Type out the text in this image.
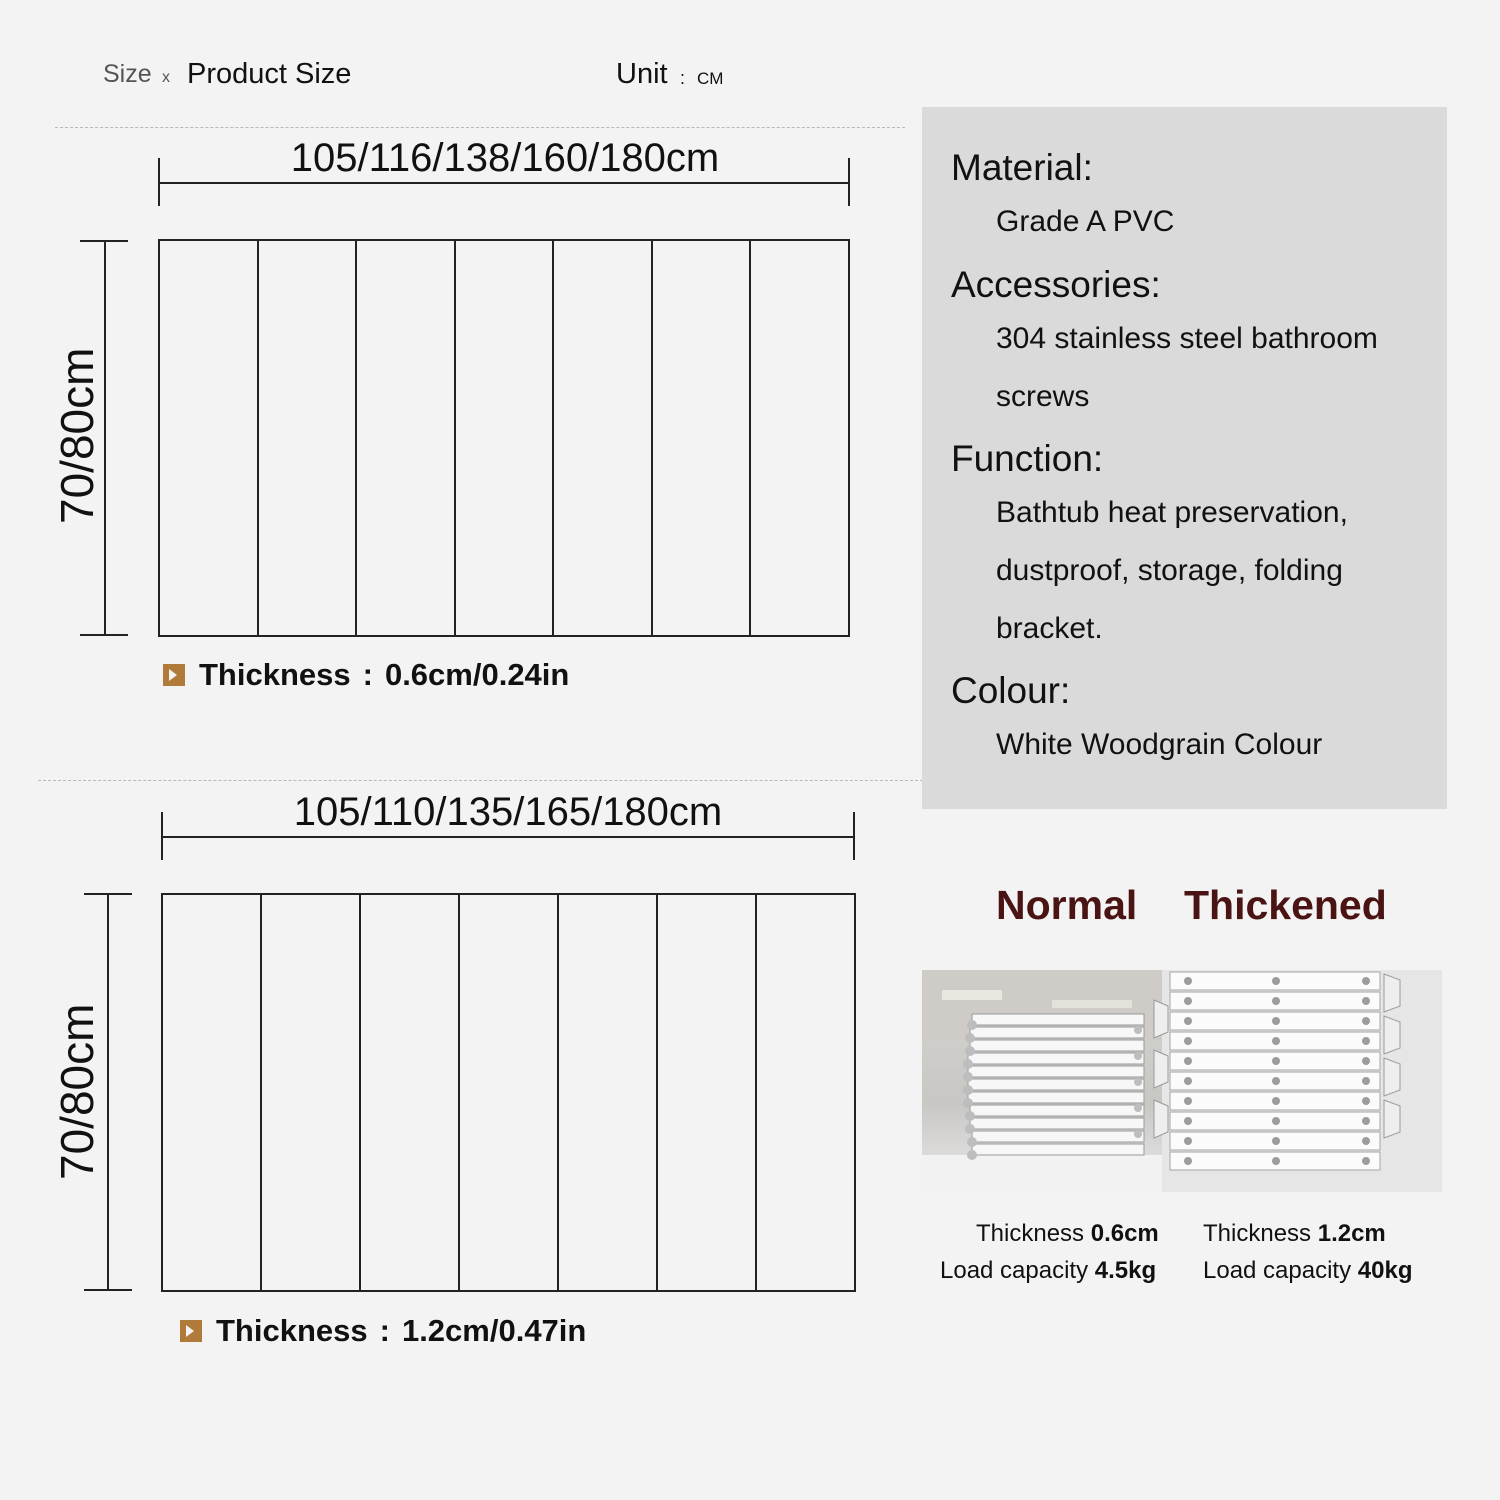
Size x Product Size	Unit : CM
105/116/138/160/180cm
70/80cm
Thickness : 0.6cm/0.24in
105/110/135/165/180cm
70/80cm
Thickness : 1.2cm/0.47in
Material:
Grade A PVC
Accessories:
304 stainless steel bathroom
screws
Function:
Bathtub heat preservation,
dustproof, storage, folding
bracket.
Colour:
White Woodgrain Colour
Normal Thickened
Thickness 0.6cm
Load capacity 4.5kg
Thickness 1.2cm
Load capacity 40kg
